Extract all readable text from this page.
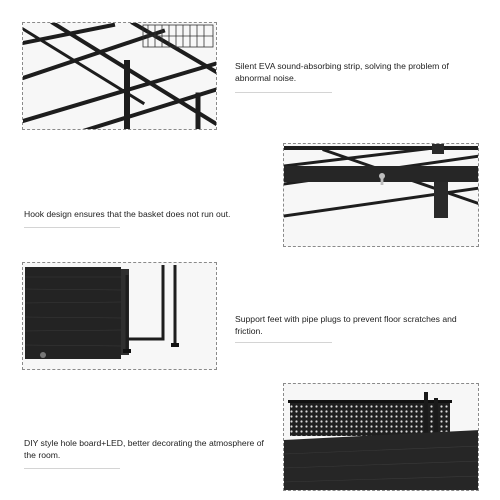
Silent EVA sound-absorbing strip, solving the problem of abnormal noise.
Hook design ensures that the basket does not run out.
Support feet with pipe plugs to prevent floor scratches and friction.
DIY style hole board+LED, better decorating the atmosphere of the room.
